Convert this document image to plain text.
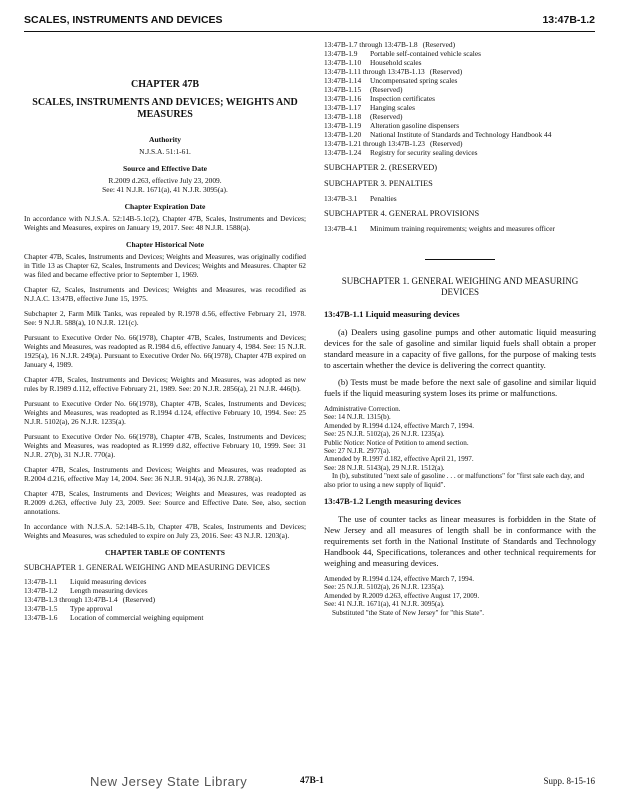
SCALES, INSTRUMENTS AND DEVICES	13:47B-1.2
CHAPTER 47B
SCALES, INSTRUMENTS AND DEVICES; WEIGHTS AND MEASURES
Authority
N.J.S.A. 51:1-61.
Source and Effective Date
R.2009 d.263, effective July 23, 2009.
See: 41 N.J.R. 1671(a), 41 N.J.R. 3095(a).
Chapter Expiration Date

In accordance with N.J.S.A. 52:14B-5.1c(2), Chapter 47B, Scales, Instruments and Devices; Weights and Measures, expires on January 19, 2017. See: 48 N.J.R. 1588(a).

Chapter Historical Note

Chapter 47B, Scales, Instruments and Devices; Weights and Measures, was originally codified in Title 13 as Chapter 62, Scales, Instruments and Devices; Weights and Measures. Chapter 62 was filed and became effective prior to September 1, 1969.

Chapter 62, Scales, Instruments and Devices; Weights and Measures, was recodified as N.J.A.C. 13:47B, effective June 15, 1975.

Subchapter 2, Farm Milk Tanks, was repealed by R.1978 d.56, effective February 21, 1978. See: 9 N.J.R. 588(a), 10 N.J.R. 121(c).

Pursuant to Executive Order No. 66(1978), Chapter 47B, Scales, Instruments and Devices; Weights and Measures, was readopted as R.1984 d.6, effective January 4, 1984. See: 15 N.J.R. 1925(a), 16 N.J.R. 249(a). Pursuant to Executive Order No. 66(1978), Chapter 47B expired on January 4, 1989.

Chapter 47B, Scales, Instruments and Devices; Weights and Measures, was adopted as new rules by R.1989 d.112, effective February 21, 1989. See: 20 N.J.R. 2856(a), 21 N.J.R. 446(b).

Pursuant to Executive Order No. 66(1978), Chapter 47B, Scales, Instruments and Devices; Weights and Measures, was readopted as R.1994 d.124, effective February 10, 1994. See: 25 N.J.R. 5102(a), 26 N.J.R. 1235(a).

Pursuant to Executive Order No. 66(1978), Chapter 47B, Scales, Instruments and Devices; Weights and Measures, was readopted as R.1999 d.82, effective February 10, 1999. See: 31 N.J.R. 27(b), 31 N.J.R. 770(a).

Chapter 47B, Scales, Instruments and Devices; Weights and Measures, was readopted as R.2004 d.216, effective May 14, 2004. See: 36 N.J.R. 914(a), 36 N.J.R. 2788(a).

Chapter 47B, Scales, Instruments and Devices; Weights and Measures, was readopted as R.2009 d.263, effective July 23, 2009. See: Source and Effective Date. See, also, section annotations.

In accordance with N.J.S.A. 52:14B-5.1b, Chapter 47B, Scales, Instruments and Devices; Weights and Measures, was scheduled to expire on July 23, 2016. See: 43 N.J.R. 1203(a).

CHAPTER TABLE OF CONTENTS
SUBCHAPTER 1. GENERAL WEIGHING AND MEASURING DEVICES
13:47B-1.1	Liquid measuring devices
13:47B-1.2	Length measuring devices
13:47B-1.3 through 13:47B-1.4 (Reserved)
13:47B-1.5	Type approval
13:47B-1.6	Location of commercial weighing equipment
13:47B-1.7 through 13:47B-1.8 (Reserved)
13:47B-1.9	Portable self-contained vehicle scales
13:47B-1.10	Household scales
13:47B-1.11 through 13:47B-1.13 (Reserved)
13:47B-1.14	Uncompensated spring scales
13:47B-1.15	(Reserved)
13:47B-1.16	Inspection certificates
13:47B-1.17	Hanging scales
13:47B-1.18	(Reserved)
13:47B-1.19	Alteration gasoline dispensers
13:47B-1.20	National Institute of Standards and Technology Handbook 44
13:47B-1.21 through 13:47B-1.23 (Reserved)
13:47B-1.24	Registry for security sealing devices
SUBCHAPTER 2. (RESERVED)
SUBCHAPTER 3. PENALTIES
13:47B-3.1	Penalties
SUBCHAPTER 4. GENERAL PROVISIONS
13:47B-4.1	Minimum training requirements; weights and measures officer
SUBCHAPTER 1. GENERAL WEIGHING AND MEASURING DEVICES
13:47B-1.1 Liquid measuring devices

(a) Dealers using gasoline pumps and other automatic liquid measuring devices for the sale of gasoline and similar liquid fuels shall obtain a proper standard measure in a capacity of five gallons, for the purpose of making tests to ascertain whether the device is delivering the correct quantity.

(b) Tests must be made before the next sale of gasoline and similar liquid fuels if the liquid measuring system loses its prime or malfunctions.

Administrative Correction.
See: 14 N.J.R. 1315(b).
Amended by R.1994 d.124, effective March 7, 1994.
See: 25 N.J.R. 5102(a), 26 N.J.R. 1235(a).
Public Notice: Notice of Petition to amend section.
See: 27 N.J.R. 2977(a).
Amended by R.1997 d.182, effective April 21, 1997.
See: 28 N.J.R. 5143(a), 29 N.J.R. 1512(a).
In (b), substituted "next sale of gasoline . . . or malfunctions" for "first sale each day, and also prior to using a new supply of liquid".
13:47B-1.2 Length measuring devices

The use of counter tacks as linear measures is forbidden in the State of New Jersey and all measures of length shall be in conformance with the requirements set forth in the National Institute of Standards and Technology Handbook 44, Specifications, tolerances and other technical requirements for weighing and measuring devices.

Amended by R.1994 d.124, effective March 7, 1994.
See: 25 N.J.R. 5102(a), 26 N.J.R. 1235(a).
Amended by R.2009 d.263, effective August 17, 2009.
See: 41 N.J.R. 1671(a), 41 N.J.R. 3095(a).
Substituted "the State of New Jersey" for "this State".
New Jersey State Library	47B-1	Supp. 8-15-16
